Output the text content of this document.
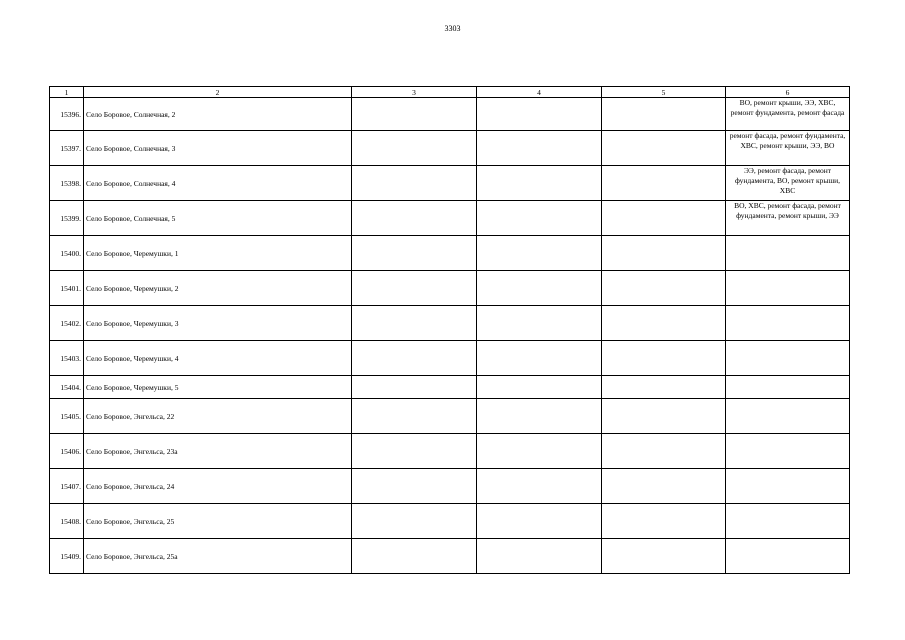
3303
1	2	3	4	5	6
15396.	Село Боровое, Солнечная, 2				ВО, ремонт крыши, ЭЭ, ХВС, ремонт фундамента, ремонт фасада
15397.	Село Боровое, Солнечная, 3				ремонт фасада, ремонт фундамента, ХВС, ремонт крыши, ЭЭ, ВО
15398.	Село Боровое, Солнечная, 4				ЭЭ, ремонт фасада, ремонт фундамента, ВО, ремонт крыши, ХВС
15399.	Село Боровое, Солнечная, 5				ВО, ХВС, ремонт фасада, ремонт фундамента, ремонт крыши, ЭЭ
15400.	Село Боровое, Черемушки, 1				
15401.	Село Боровое, Черемушки, 2				
15402.	Село Боровое, Черемушки, 3				
15403.	Село Боровое, Черемушки, 4				
15404.	Село Боровое, Черемушки, 5				
15405.	Село Боровое, Энгельса, 22				
15406.	Село Боровое, Энгельса, 23а				
15407.	Село Боровое, Энгельса, 24				
15408.	Село Боровое, Энгельса, 25				
15409.	Село Боровое, Энгельса, 25а				
